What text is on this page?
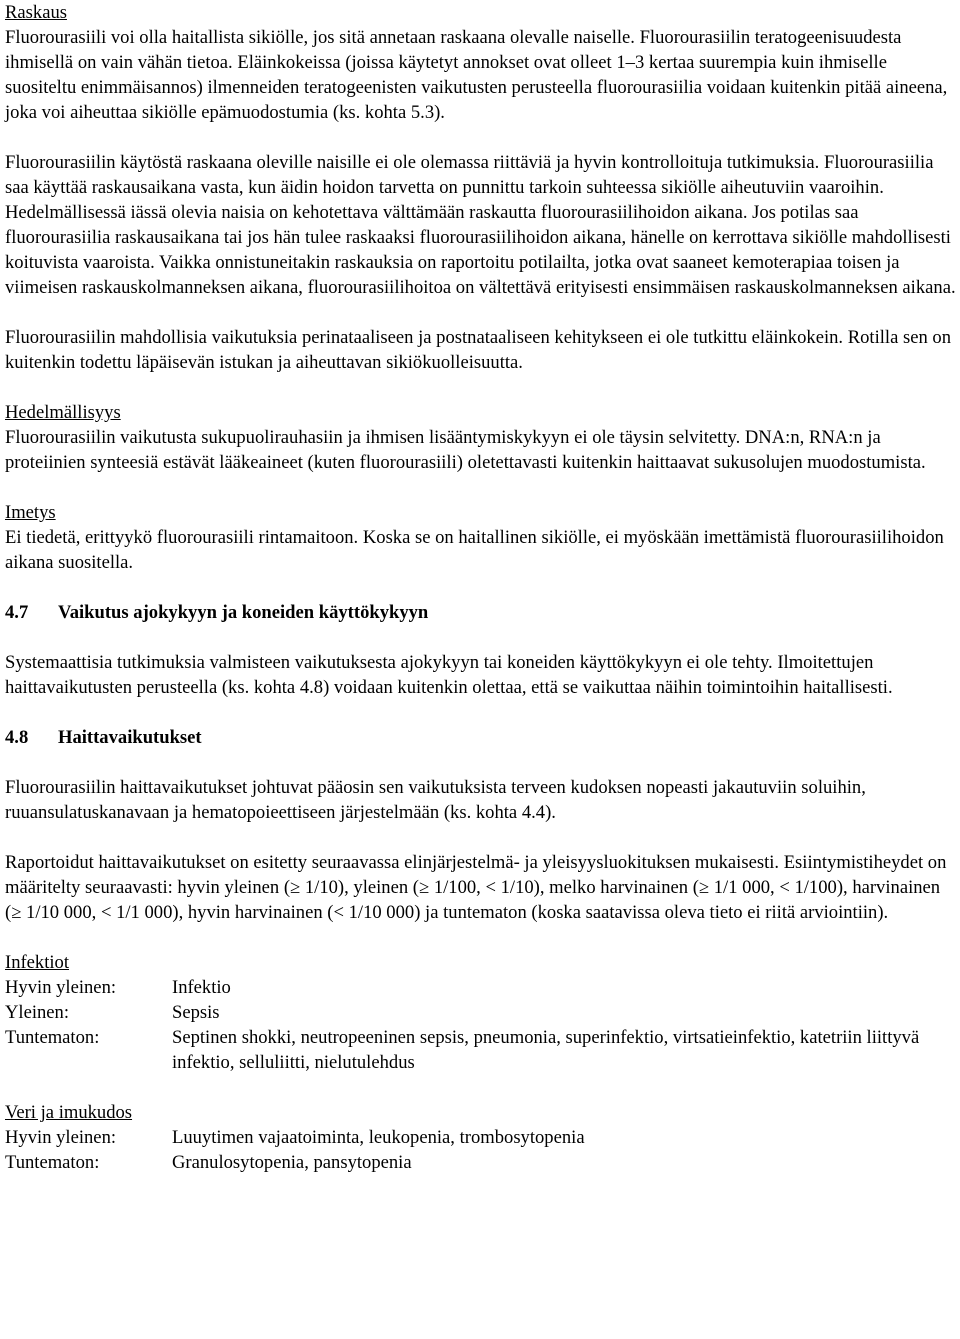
Raskaus

Fluorourasiili voi olla haitallista sikiölle, jos sitä annetaan raskaana olevalle naiselle. Fluorourasiilin teratogeenisuudesta ihmisellä on vain vähän tietoa. Eläinkokeissa (joissa käytetyt annokset ovat olleet 1–3 kertaa suurempia kuin ihmiselle suositeltu enimmäisannos) ilmenneiden teratogeenisten vaikutusten perusteella fluorourasiilia voidaan kuitenkin pitää aineena, joka voi aiheuttaa sikiölle epämuodostumia (ks. kohta 5.3).

Fluorourasiilin käytöstä raskaana oleville naisille ei ole olemassa riittäviä ja hyvin kontrolloituja tutkimuksia. Fluorourasiilia saa käyttää raskausaikana vasta, kun äidin hoidon tarvetta on punnittu tarkoin suhteessa sikiölle aiheutuviin vaaroihin. Hedelmällisessä iässä olevia naisia on kehotettava välttämään raskautta fluorourasiilihoidon aikana. Jos potilas saa fluorourasiilia raskausaikana tai jos hän tulee raskaaksi fluorourasiilihoidon aikana, hänelle on kerrottava sikiölle mahdollisesti koituvista vaaroista. Vaikka onnistuneitakin raskauksia on raportoitu potilailta, jotka ovat saaneet kemoterapiaa toisen ja viimeisen raskauskolmanneksen aikana, fluorourasiilihoitoa on vältettävä erityisesti ensimmäisen raskauskolmanneksen aikana.

Fluorourasiilin mahdollisia vaikutuksia perinataaliseen ja postnataaliseen kehitykseen ei ole tutkittu eläinkokein. Rotilla sen on kuitenkin todettu läpäisevän istukan ja aiheuttavan sikiökuolleisuutta.

Hedelmällisyys

Fluorourasiilin vaikutusta sukupuolirauhasiin ja ihmisen lisääntymiskykyyn ei ole täysin selvitetty. DNA:n, RNA:n ja proteiinien synteesiä estävät lääkeaineet (kuten fluorourasiili) oletettavasti kuitenkin haittaavat sukusolujen muodostumista.

Imetys

Ei tiedetä, erittyykö fluorourasiili rintamaitoon. Koska se on haitallinen sikiölle, ei myöskään imettämistä fluorourasiilihoidon aikana suositella.

4.7	Vaikutus ajokykyyn ja koneiden käyttökykyyn

Systemaattisia tutkimuksia valmisteen vaikutuksesta ajokykyyn tai koneiden käyttökykyyn ei ole tehty. Ilmoitettujen haittavaikutusten perusteella (ks. kohta 4.8) voidaan kuitenkin olettaa, että se vaikuttaa näihin toimintoihin haitallisesti.

4.8	Haittavaikutukset

Fluorourasiilin haittavaikutukset johtuvat pääosin sen vaikutuksista terveen kudoksen nopeasti jakautuviin soluihin, ruuansulatuskanavaan ja hematopoieettiseen järjestelmään (ks. kohta 4.4).

Raportoidut haittavaikutukset on esitetty seuraavassa elinjärjestelmä- ja yleisyysluokituksen mukaisesti. Esiintymistiheydet on määritelty seuraavasti: hyvin yleinen (≥ 1/10), yleinen (≥ 1/100, < 1/10), melko harvinainen (≥ 1/1 000, < 1/100), harvinainen (≥ 1/10 000, < 1/1 000), hyvin harvinainen (< 1/10 000) ja tuntematon (koska saatavissa oleva tieto ei riitä arviointiin).

Infektiot

Hyvin yleinen:	Infektio
Yleinen:	Sepsis
Tuntematon:	Septinen shokki, neutropeeninen sepsis, pneumonia, superinfektio, virtsatieinfektio, katetriin liittyvä infektio, selluliitti, nielutulehdus

Veri ja imukudos

Hyvin yleinen:	Luuytimen vajaatoiminta, leukopenia, trombosytopenia
Tuntematon:	Granulosytopenia, pansytopenia
